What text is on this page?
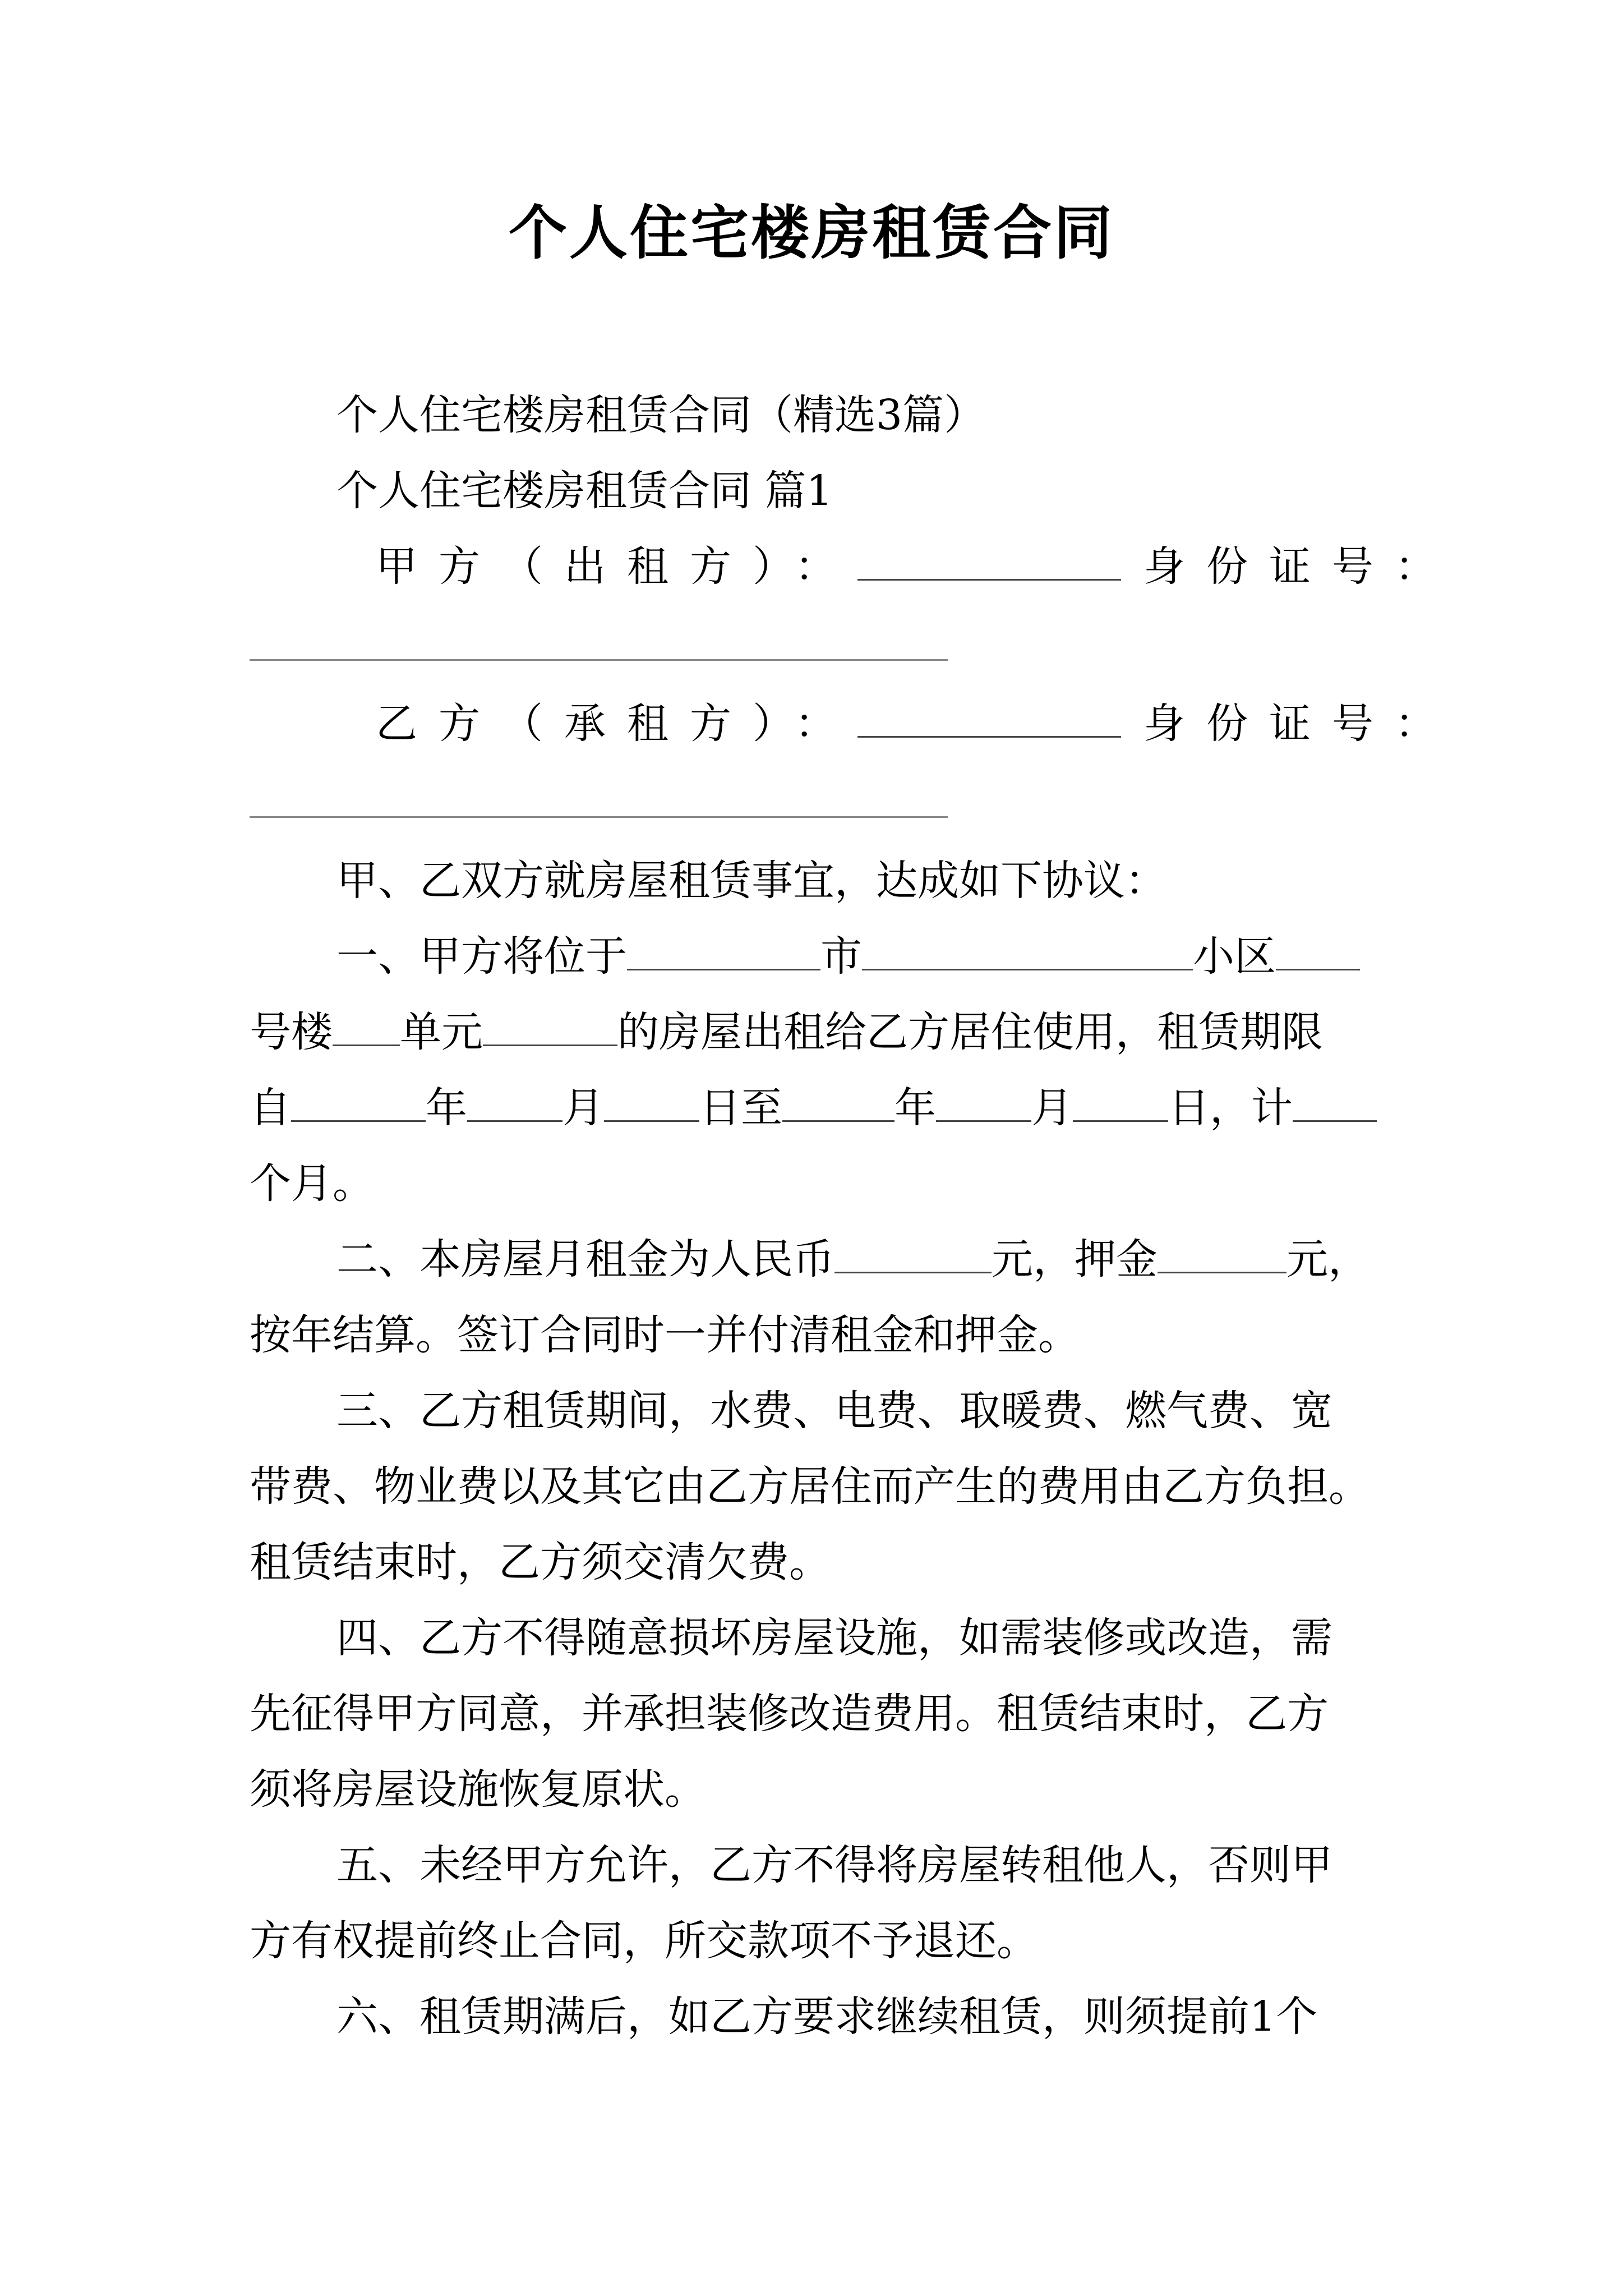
个人住宅楼房租赁合同
个人住宅楼房租赁合同（精选3篇）
个人住宅楼房租赁合同 篇1
甲方（出租方）：	身份证号：
乙方（承租方）：	身份证号：
甲、乙双方就房屋租赁事宜，达成如下协议：
一、甲方将位于	市	小区
号楼 单元	的房屋出租给乙方居住使用，租赁期限
自	年 月 日至	年 月 日，计
个月。
二、本房屋月租金为人民币	元，押金	元，
按年结算。签订合同时一并付清租金和押金。
三、乙方租赁期间，水费、电费、取暖费、燃气费、宽
带费、物业费以及其它由乙方居住而产生的费用由乙方负担。
租赁结束时，乙方须交清欠费。
四、乙方不得随意损坏房屋设施，如需装修或改造，需
先征得甲方同意，并承担装修改造费用。租赁结束时，乙方
须将房屋设施恢复原状。
五、未经甲方允许，乙方不得将房屋转租他人，否则甲
方有权提前终止合同，所交款项不予退还。
六、租赁期满后，如乙方要求继续租赁，则须提前1个
